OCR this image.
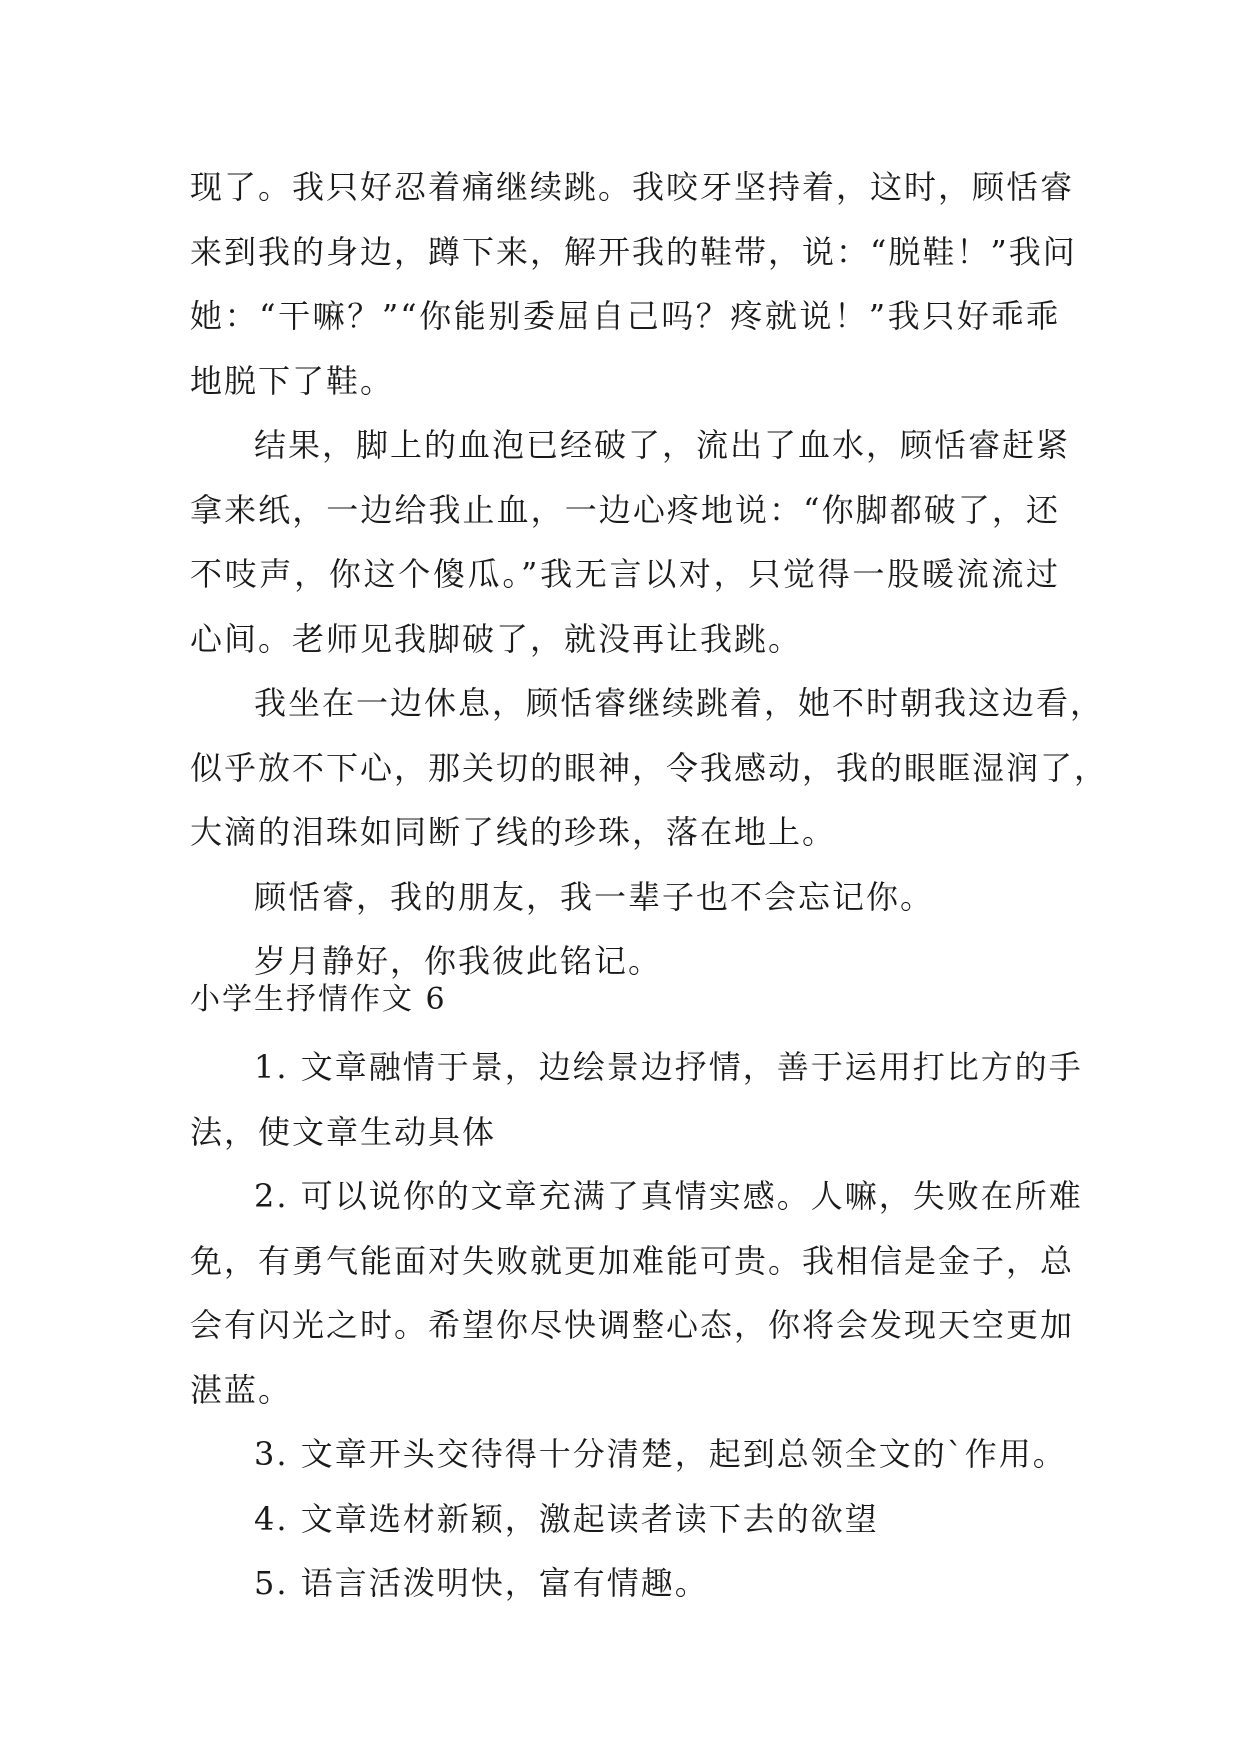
现了。我只好忍着痛继续跳。我咬牙坚持着，这时，顾恬睿
来到我的身边，蹲下来，解开我的鞋带，说：“脱鞋！”我问
她：“干嘛？”“你能别委屈自己吗？疼就说！”我只好乖乖
地脱下了鞋。
结果，脚上的血泡已经破了，流出了血水，顾恬睿赶紧
拿来纸，一边给我止血，一边心疼地说：“你脚都破了，还
不吱声，你这个傻瓜。”我无言以对，只觉得一股暖流流过
心间。老师见我脚破了，就没再让我跳。
我坐在一边休息，顾恬睿继续跳着，她不时朝我这边看，
似乎放不下心，那关切的眼神，令我感动，我的眼眶湿润了，
大滴的泪珠如同断了线的珍珠，落在地上。
顾恬睿，我的朋友，我一辈子也不会忘记你。
岁月静好，你我彼此铭记。
小学生抒情作文 6
1. 文章融情于景，边绘景边抒情，善于运用打比方的手
法，使文章生动具体
2. 可以说你的文章充满了真情实感。人嘛，失败在所难
免，有勇气能面对失败就更加难能可贵。我相信是金子，总
会有闪光之时。希望你尽快调整心态，你将会发现天空更加
湛蓝。
3. 文章开头交待得十分清楚，起到总领全文的`作用。
4. 文章选材新颖，激起读者读下去的欲望
5. 语言活泼明快，富有情趣。
